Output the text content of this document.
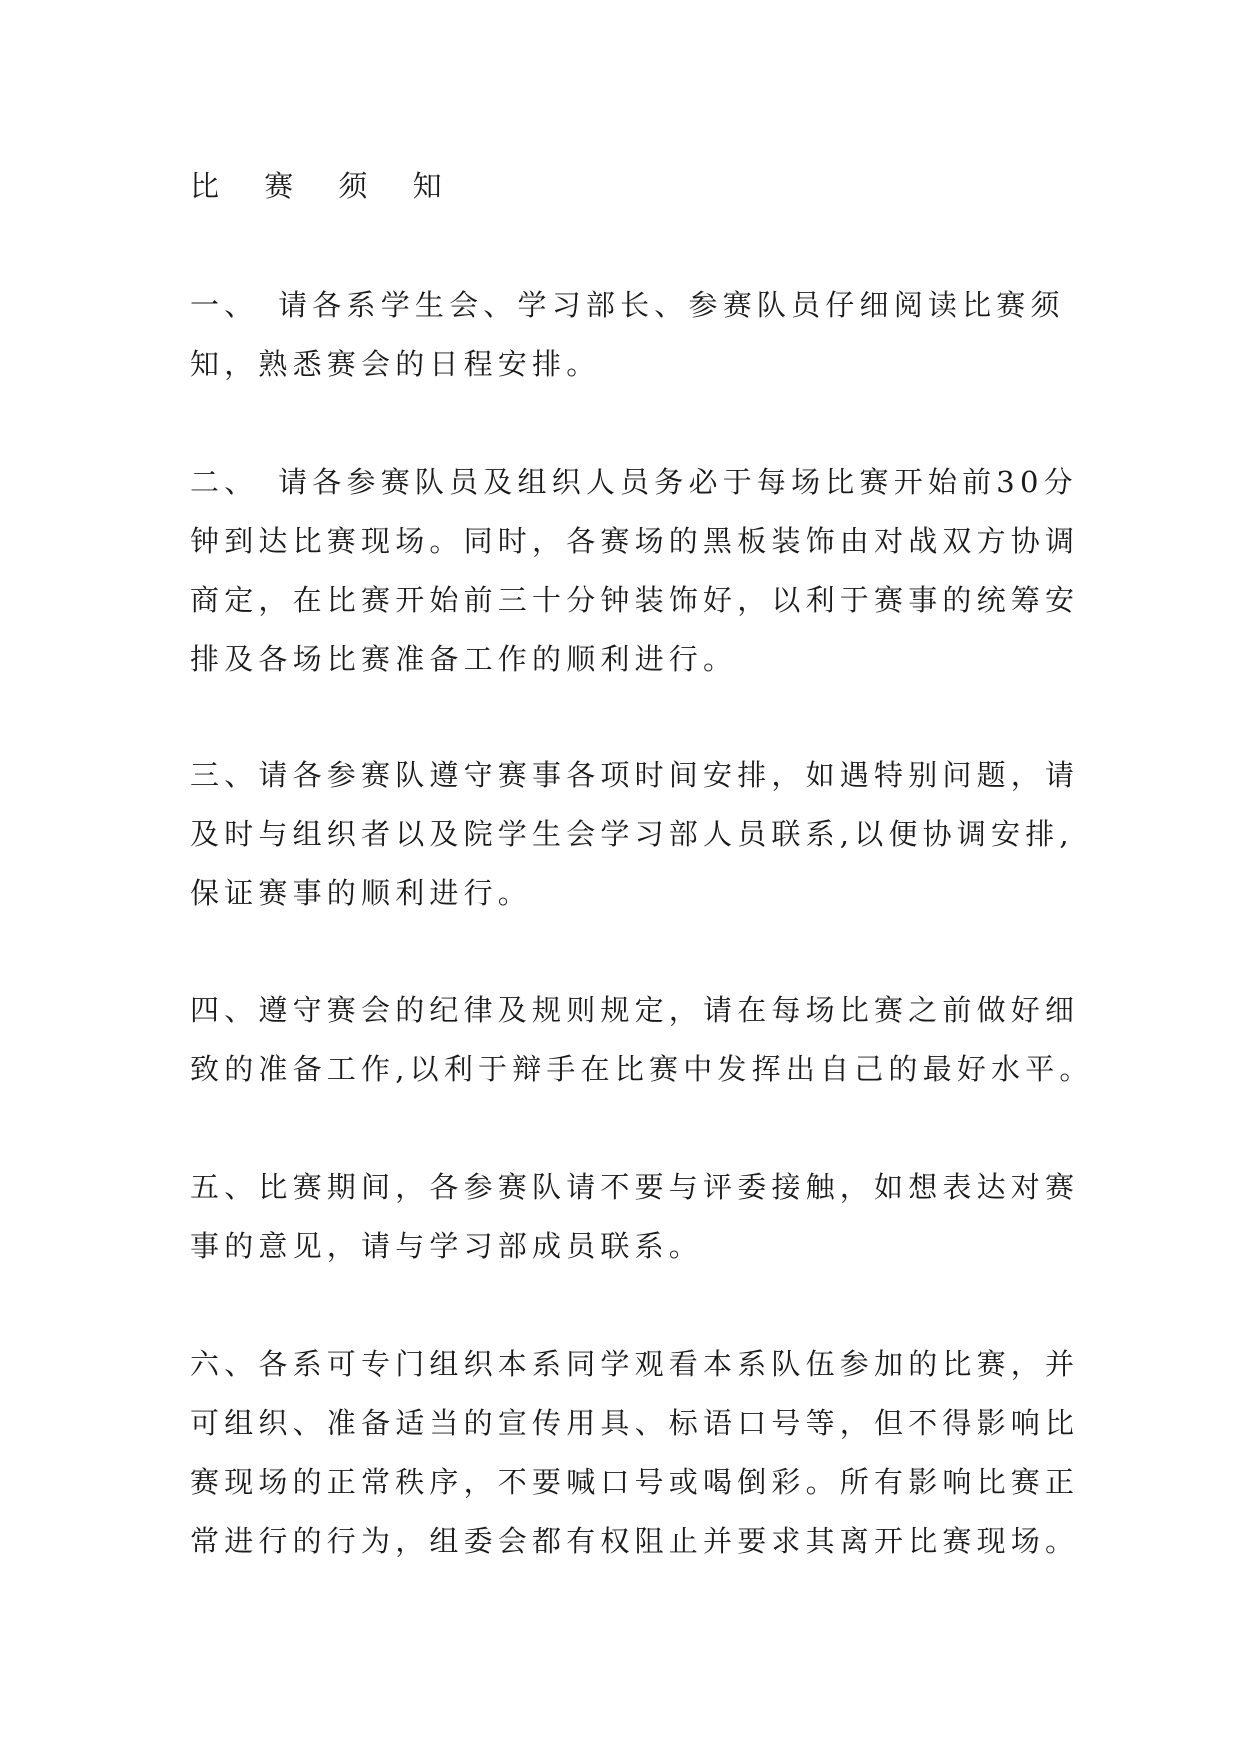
比 赛 须 知
一、　请各系学生会、学习部长、参赛队员仔细阅读比赛须
知，熟悉赛会的日程安排。
二、　请各参赛队员及组织人员务必于每场比赛开始前30分
钟到达比赛现场。同时，各赛场的黑板装饰由对战双方协调
商定，在比赛开始前三十分钟装饰好，以利于赛事的统筹安
排及各场比赛准备工作的顺利进行。
三、请各参赛队遵守赛事各项时间安排，如遇特别问题，请
及时与组织者以及院学生会学习部人员联系,以便协调安排,
保证赛事的顺利进行。
四、遵守赛会的纪律及规则规定，请在每场比赛之前做好细
致的准备工作,以利于辩手在比赛中发挥出自己的最好水平。
五、比赛期间，各参赛队请不要与评委接触，如想表达对赛
事的意见，请与学习部成员联系。
六、各系可专门组织本系同学观看本系队伍参加的比赛，并
可组织、准备适当的宣传用具、标语口号等，但不得影响比
赛现场的正常秩序，不要喊口号或喝倒彩。所有影响比赛正
常进行的行为，组委会都有权阻止并要求其离开比赛现场。
